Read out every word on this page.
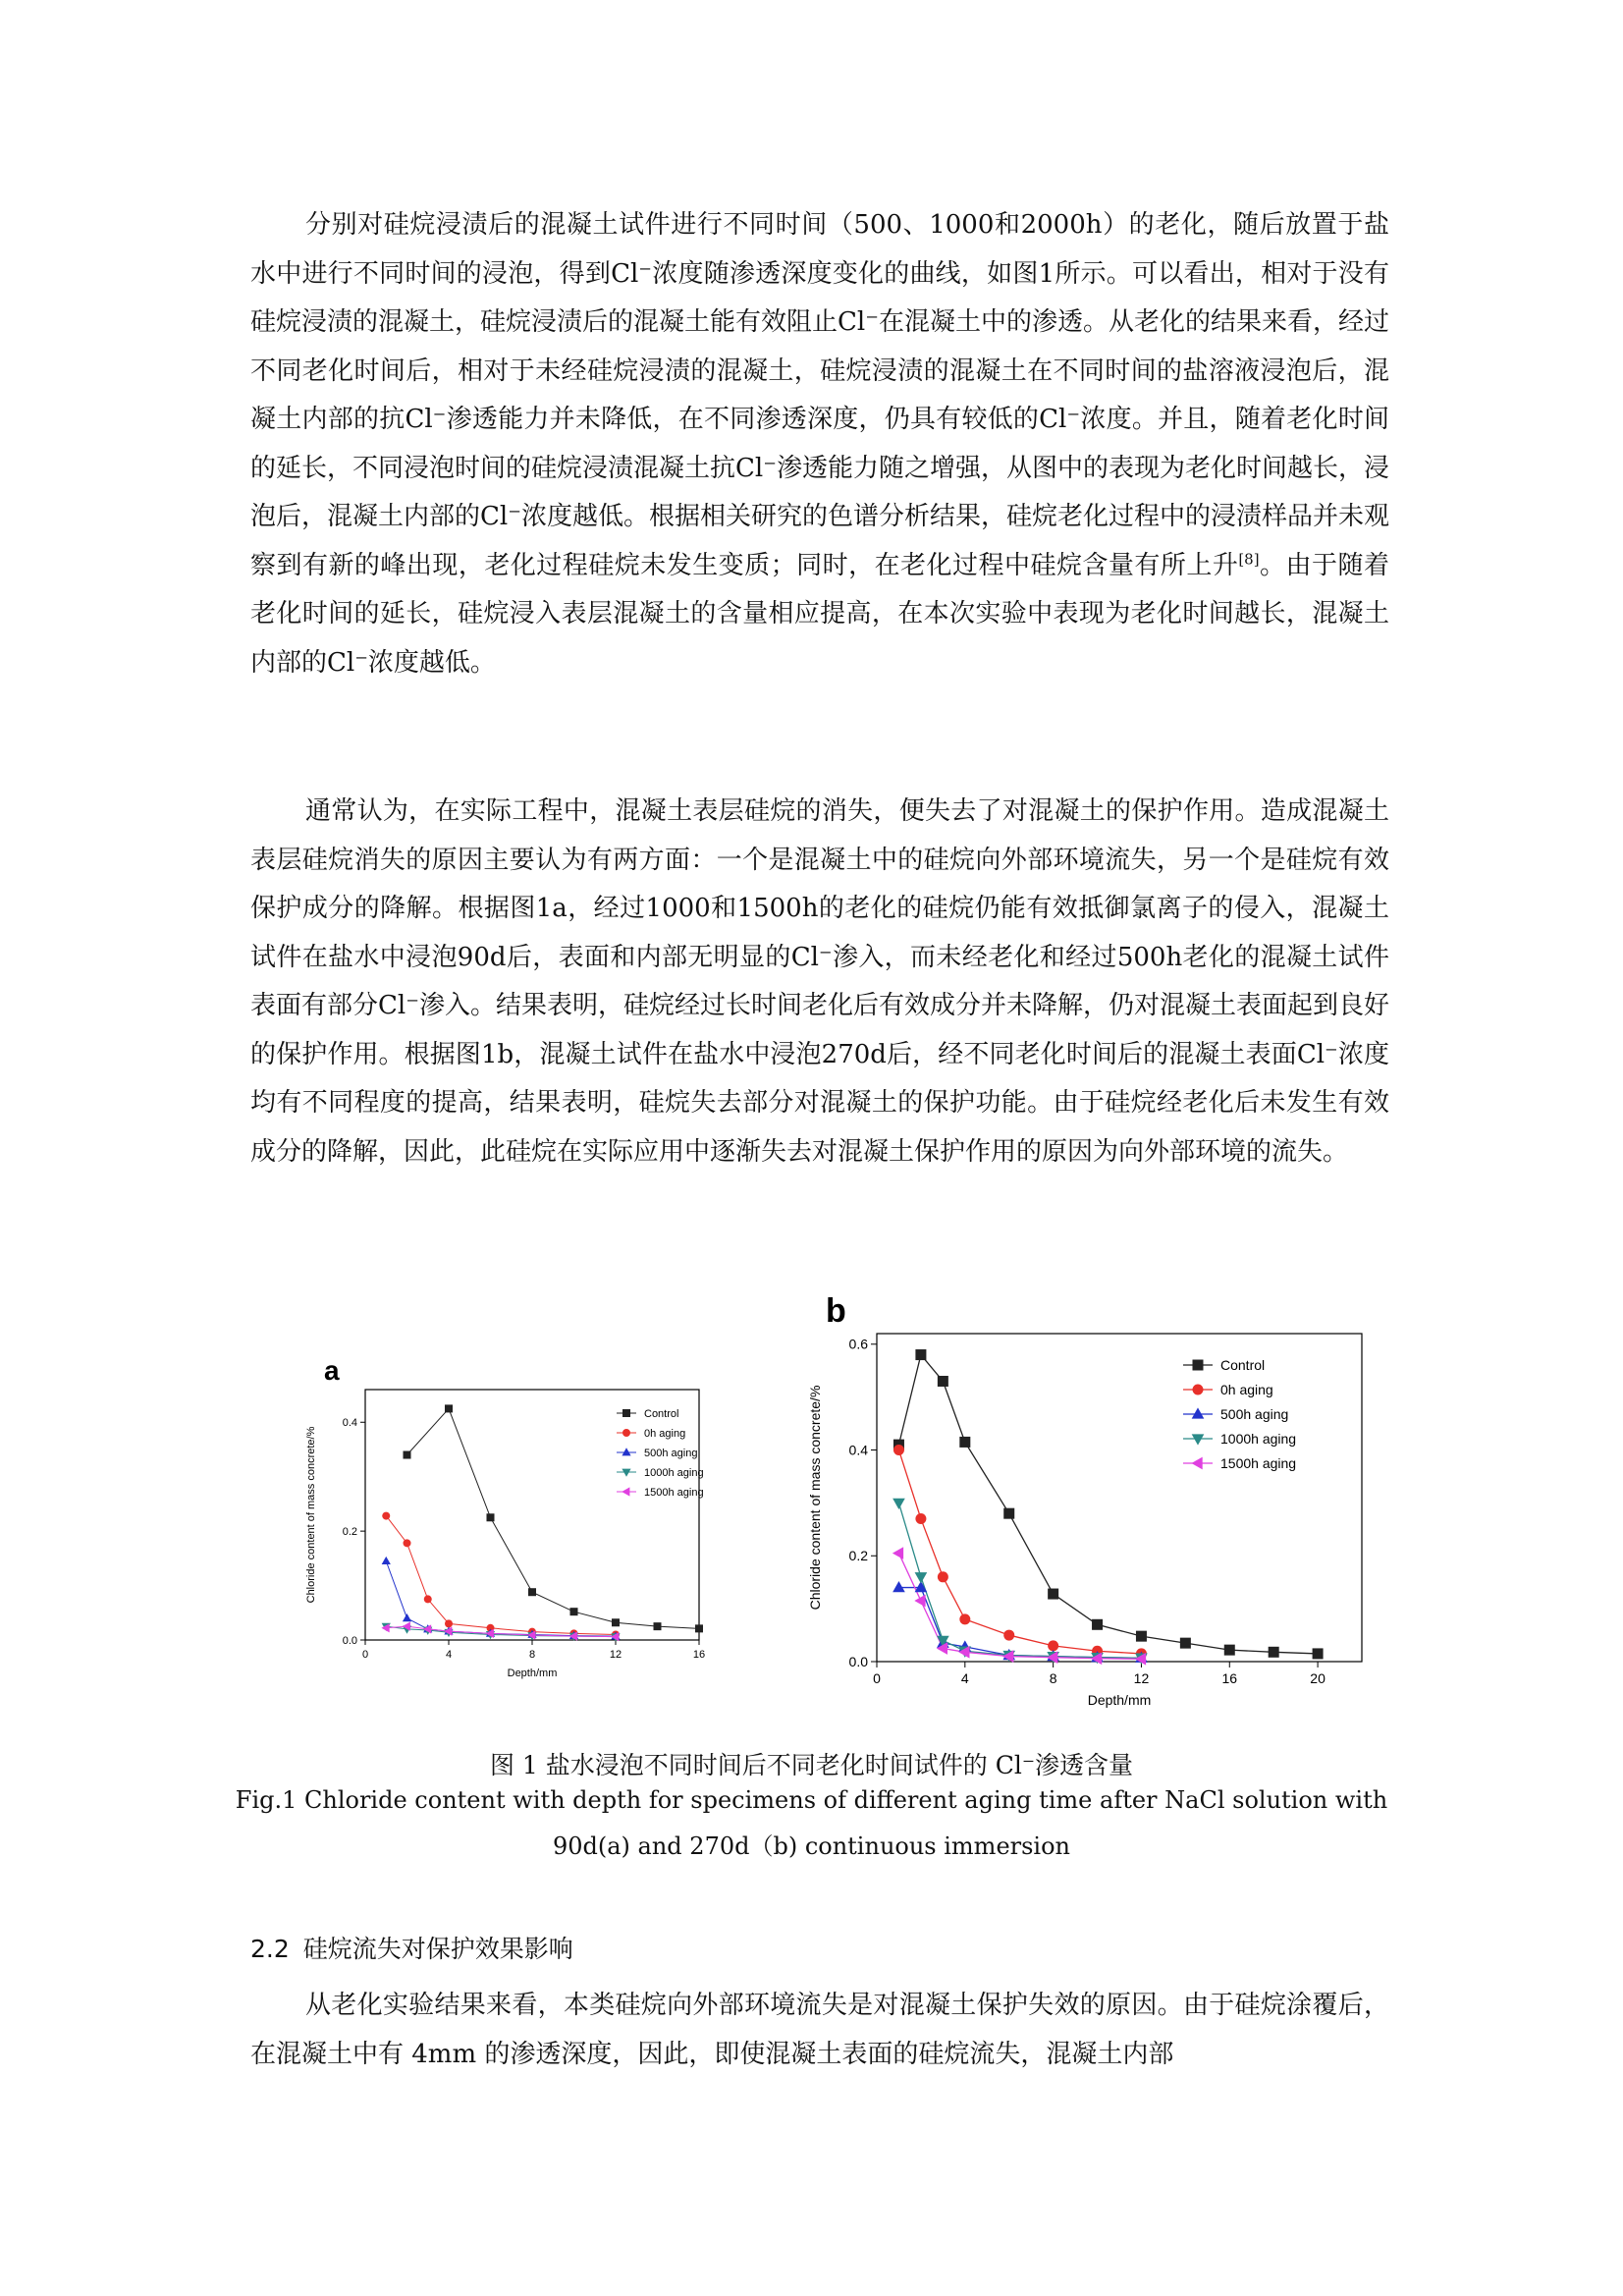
分别对硅烷浸渍后的混凝土试件进行不同时间（500、1000和2000h）的老化，随后放置于盐水中进行不同时间的浸泡，得到Cl⁻浓度随渗透深度变化的曲线，如图1所示。可以看出，相对于没有硅烷浸渍的混凝土，硅烷浸渍后的混凝土能有效阻止Cl⁻在混凝土中的渗透。从老化的结果来看，经过不同老化时间后，相对于未经硅烷浸渍的混凝土，硅烷浸渍的混凝土在不同时间的盐溶液浸泡后，混凝土内部的抗Cl⁻渗透能力并未降低，在不同渗透深度，仍具有较低的Cl⁻浓度。并且，随着老化时间的延长，不同浸泡时间的硅烷浸渍混凝土抗Cl⁻渗透能力随之增强，从图中的表现为老化时间越长，浸泡后，混凝土内部的Cl⁻浓度越低。根据相关研究的色谱分析结果，硅烷老化过程中的浸渍样品并未观察到有新的峰出现，老化过程硅烷未发生变质；同时，在老化过程中硅烷含量有所上升[8]。由于随着老化时间的延长，硅烷浸入表层混凝土的含量相应提高，在本次实验中表现为老化时间越长，混凝土内部的Cl⁻浓度越低。

通常认为，在实际工程中，混凝土表层硅烷的消失，便失去了对混凝土的保护作用。造成混凝土表层硅烷消失的原因主要认为有两方面：一个是混凝土中的硅烷向外部环境流失，另一个是硅烷有效保护成分的降解。根据图1a，经过1000和1500h的老化的硅烷仍能有效抵御氯离子的侵入，混凝土试件在盐水中浸泡90d后，表面和内部无明显的Cl⁻渗入，而未经老化和经过500h老化的混凝土试件表面有部分Cl⁻渗入。结果表明，硅烷经过长时间老化后有效成分并未降解，仍对混凝土表面起到良好的保护作用。根据图1b，混凝土试件在盐水中浸泡270d后，经不同老化时间后的混凝土表面Cl⁻浓度均有不同程度的提高，结果表明，硅烷失去部分对混凝土的保护功能。由于硅烷经老化后未发生有效成分的降解，因此，此硅烷在实际应用中逐渐失去对混凝土保护作用的原因为向外部环境的流失。

0	4	8	12	16
0.0
0.2
0.4
Depth/mm
Chloride content of mass concrete/%
a
Control
0h aging
500h aging
1000h aging
1500h aging
0	4	8	12	16	20
0.0
0.2
0.4
0.6
Depth/mm
Chloride content of mass concrete/%
b
Control
0h aging
500h aging
1000h aging
1500h aging

图 1 盐水浸泡不同时间后不同老化时间试件的 Cl⁻渗透含量

Fig.1 Chloride content with depth for specimens of different aging time after NaCl solution with

90d(a) and 270d（b) continuous immersion

2.2 硅烷流失对保护效果影响

从老化实验结果来看，本类硅烷向外部环境流失是对混凝土保护失效的原因。由于硅烷涂覆后，在混凝土中有 4mm 的渗透深度，因此，即使混凝土表面的硅烷流失，混凝土内部
